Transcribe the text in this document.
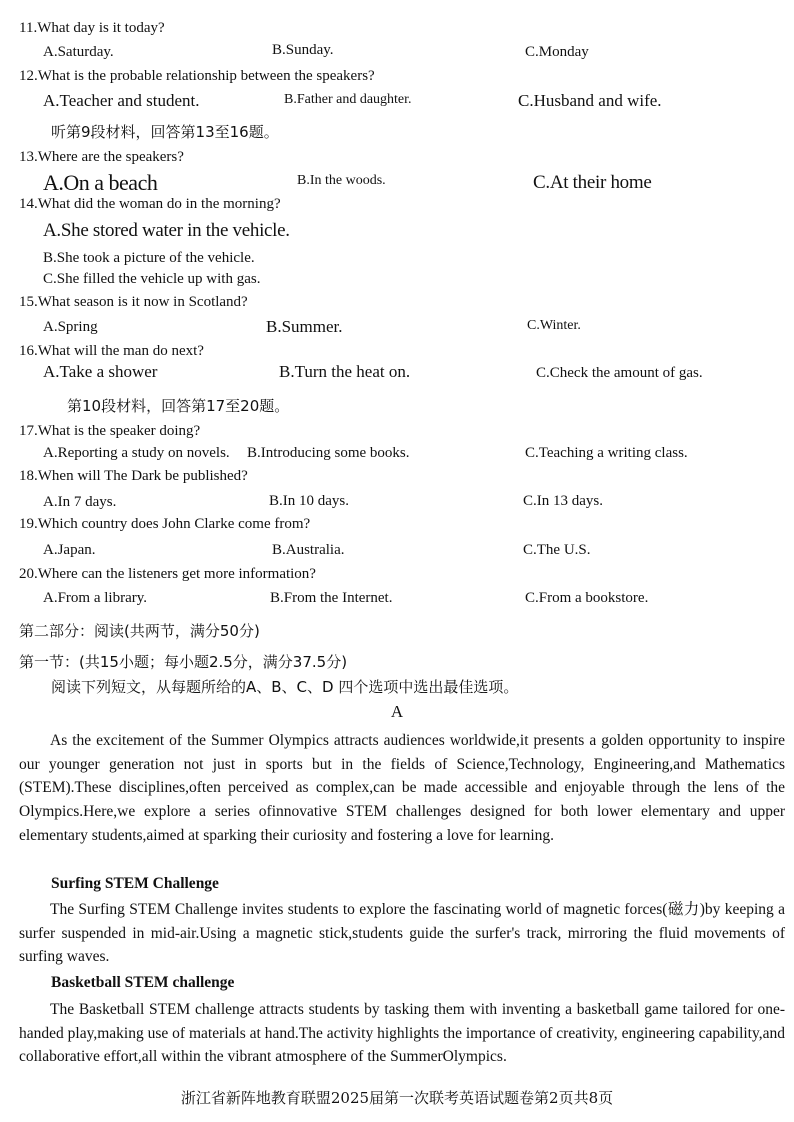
11.What day is it today?
A.Saturday.	B.Sunday.	C.Monday
12.What is the probable relationship between the speakers?
A.Teacher and student.	B.Father and daughter.	C.Husband and wife.
听第9段材料，回答第13至16题。
13.Where are the speakers?
A.On a beach	B.In the woods.	C.At their home
14.What did the woman do in the morning?
A.She stored water in the vehicle.
B.She took a picture of the vehicle.
C.She filled the vehicle up with gas.
15.What season is it now in Scotland?
A.Spring	B.Summer.	C.Winter.
16.What will the man do next?
A.Take a shower	B.Turn the heat on.	C.Check the amount of gas.
第10段材料，回答第17至20题。
17.What is the speaker doing?
A.Reporting a study on novels. B.Introducing some books.	C.Teaching a writing class.
18.When will The Dark be published?
A.In 7 days.	B.In 10 days.	C.In 13 days.
19.Which country does John Clarke come from?
A.Japan.	B.Australia.	C.The U.S.
20.Where can the listeners get more information?
A.From a library.	B.From the Internet.	C.From a bookstore.
第二部分：阅读(共两节，满分50分)
第一节：(共15小题；每小题2.5分，满分37.5分)
阅读下列短文，从每题所给的A、B、C、D 四个选项中选出最佳选项。
A
As the excitement of the Summer Olympics attracts audiences worldwide,it presents a golden opportunity to inspire our younger generation not just in sports but in the fields of Science,Technology, Engineering,and Mathematics (STEM).These disciplines,often perceived as complex,can be made accessible and enjoyable through the lens of the Olympics.Here,we explore a series ofinnovative STEM challenges designed for both lower elementary and upper elementary students,aimed at sparking their curiosity and fostering a love for learning.
Surfing STEM Challenge
The Surfing STEM Challenge invites students to explore the fascinating world of magnetic forces(磁力)by keeping a surfer suspended in mid-air.Using a magnetic stick,students guide the surfer's track, mirroring the fluid movements of surfing waves.
Basketball STEM challenge
The Basketball STEM challenge attracts students by tasking them with inventing a basketball game tailored for one-handed play,making use of materials at hand.The activity highlights the importance of creativity, engineering capability,and collaborative effort,all within the vibrant atmosphere of the SummerOlympics.
浙江省新阵地教育联盟2025届第一次联考英语试题卷第2页共8页
